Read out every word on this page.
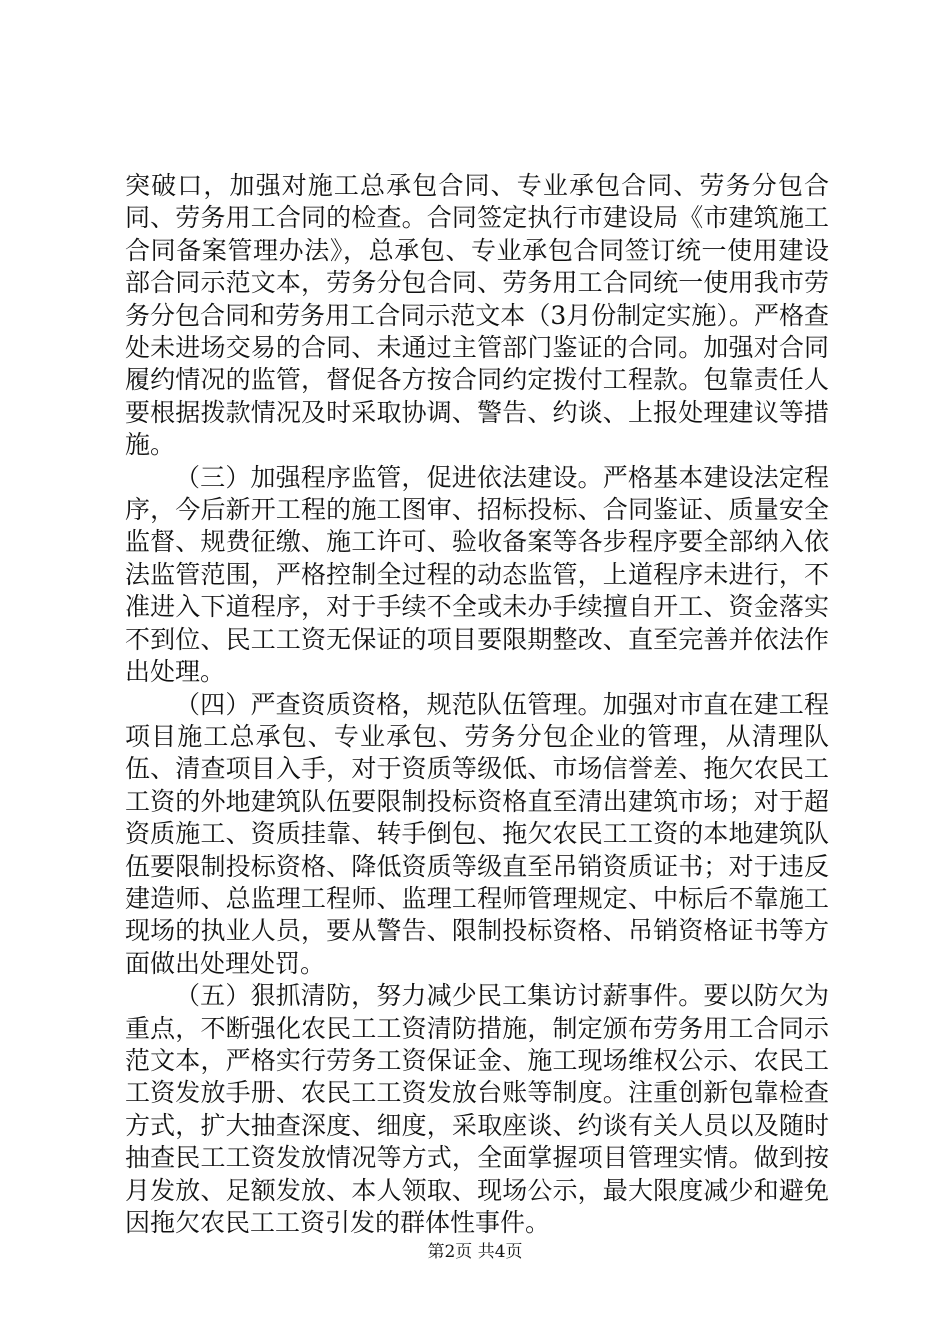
突破口，加强对施工总承包合同、专业承包合同、劳务分包合同、劳务用工合同的检查。合同签定执行市建设局《市建筑施工合同备案管理办法》，总承包、专业承包合同签订统一使用建设部合同示范文本，劳务分包合同、劳务用工合同统一使用我市劳务分包合同和劳务用工合同示范文本（3月份制定实施）。严格查处未进场交易的合同、未通过主管部门鉴证的合同。加强对合同履约情况的监管，督促各方按合同约定拨付工程款。包靠责任人要根据拨款情况及时采取协调、警告、约谈、上报处理建议等措施。

（三）加强程序监管，促进依法建设。严格基本建设法定程序，今后新开工程的施工图审、招标投标、合同鉴证、质量安全监督、规费征缴、施工许可、验收备案等各步程序要全部纳入依法监管范围，严格控制全过程的动态监管，上道程序未进行，不准进入下道程序，对于手续不全或未办手续擅自开工、资金落实不到位、民工工资无保证的项目要限期整改、直至完善并依法作出处理。

（四）严查资质资格，规范队伍管理。加强对市直在建工程项目施工总承包、专业承包、劳务分包企业的管理，从清理队伍、清查项目入手，对于资质等级低、市场信誉差、拖欠农民工工资的外地建筑队伍要限制投标资格直至清出建筑市场；对于超资质施工、资质挂靠、转手倒包、拖欠农民工工资的本地建筑队伍要限制投标资格、降低资质等级直至吊销资质证书；对于违反建造师、总监理工程师、监理工程师管理规定、中标后不靠施工现场的执业人员，要从警告、限制投标资格、吊销资格证书等方面做出处理处罚。

（五）狠抓清防，努力减少民工集访讨薪事件。要以防欠为重点，不断强化农民工工资清防措施，制定颁布劳务用工合同示范文本，严格实行劳务工资保证金、施工现场维权公示、农民工工资发放手册、农民工工资发放台账等制度。注重创新包靠检查方式，扩大抽查深度、细度，采取座谈、约谈有关人员以及随时抽查民工工资发放情况等方式，全面掌握项目管理实情。做到按月发放、足额发放、本人领取、现场公示，最大限度减少和避免因拖欠农民工工资引发的群体性事件。

第2页 共4页
